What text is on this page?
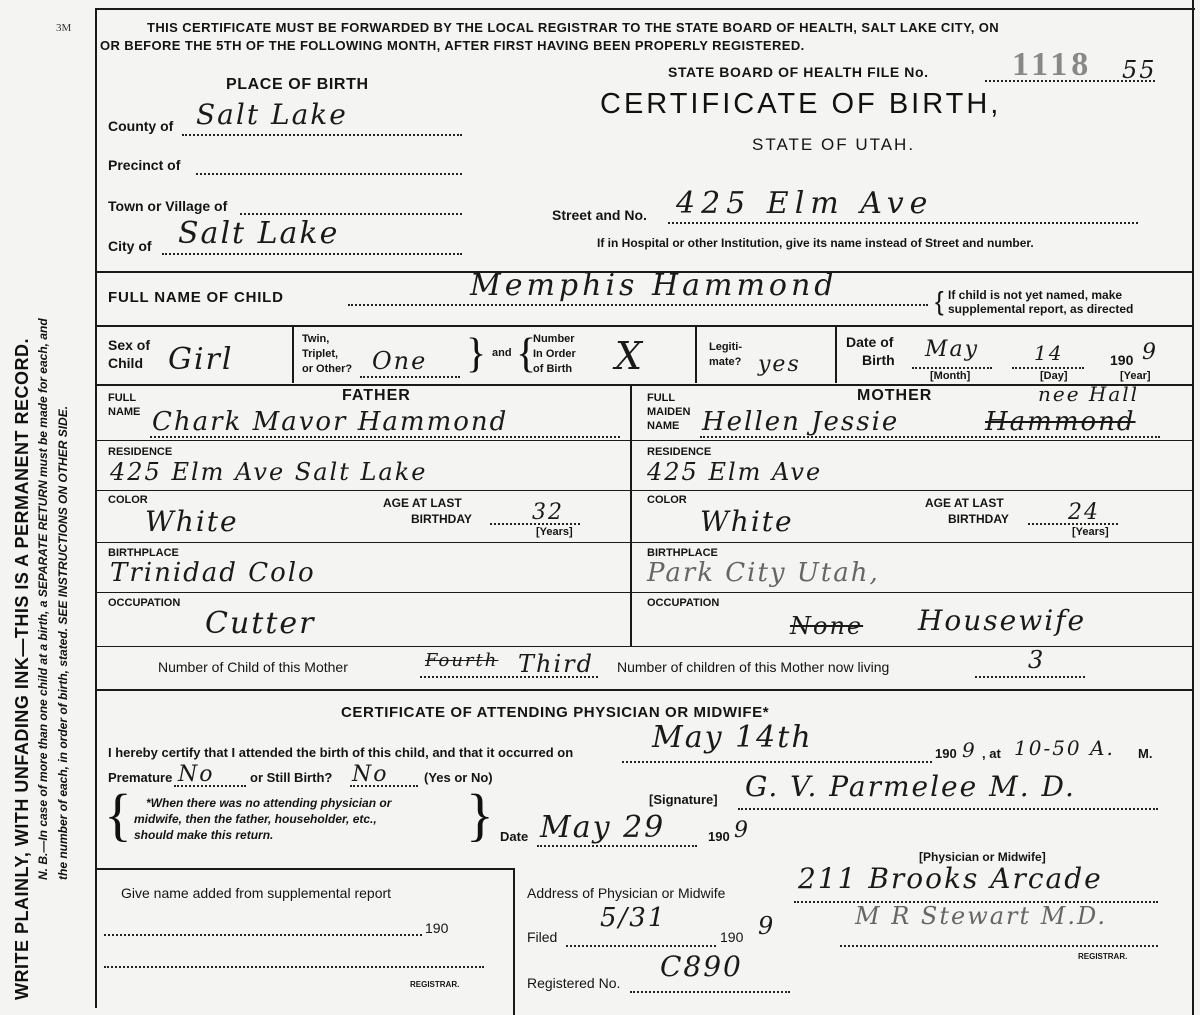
3M
WRITE PLAINLY, WITH UNFADING INK—THIS IS A PERMANENT RECORD. N. B.—In case of more than one child at a birth, a SEPARATE RETURN must be made for each, and the number of each, in order of birth, stated. SEE INSTRUCTIONS ON OTHER SIDE.
THIS CERTIFICATE MUST BE FORWARDED BY THE LOCAL REGISTRAR TO THE STATE BOARD OF HEALTH, SALT LAKE CITY, ON
OR BEFORE THE 5TH OF THE FOLLOWING MONTH, AFTER FIRST HAVING BEEN PROPERLY REGISTERED.
STATE BOARD OF HEALTH FILE No. 1118 55
CERTIFICATE OF BIRTH,
STATE OF UTAH.
PLACE OF BIRTH
County of Salt Lake
Precinct of
Town or Village of
City of Salt Lake
Street and No. 425 Elm Ave
If in Hospital or other Institution, give its name instead of Street and number.
FULL NAME OF CHILD	Memphis Hammond	{ If child is not yet named, make
supplemental report, as directed
Sex of
Child Girl
Twin,
Triplet,
or Other? One } and {
Number
In Order
of Birth X	Legiti-
mate? yes
Date of
Birth May	14	190 9
[Month]	[Day]	[Year]
FATHER
FULL
NAME Chark Mavor Hammond
RESIDENCE
425 Elm Ave Salt Lake
COLOR
White
AGE AT LAST
BIRTHDAY	32
[Years]
BIRTHPLACE
Trinidad Colo
OCCUPATION
Cutter
MOTHER	nee Hall
FULL
MAIDEN
NAME Hellen Jessie	Hammond
RESIDENCE
425 Elm Ave
COLOR
White
AGE AT LAST
BIRTHDAY	24
[Years]
BIRTHPLACE
Park City Utah,
OCCUPATION
None Housewife
Number of Child of this Mother	Fourth Third Number of children of this Mother now living	3
CERTIFICATE OF ATTENDING PHYSICIAN OR MIDWIFE*
I hereby certify that I attended the birth of this child, and that it occurred on	May 14th	190 9 , at 10-50 A. M.
Premature No	or Still Birth? No	(Yes or No)
{ *When there was no attending physician or
midwife, then the father, householder, etc.,
should make this return.	}	[Signature] G. V. Parmelee M. D.
Date May 29	190 9
[Physician or Midwife]
Give name added from supplemental report
190
REGISTRAR.
Address of Physician or Midwife	211 Brooks Arcade
Filed
5/31
190 9	M R Stewart M.D.
REGISTRAR.
Registered No. C890
